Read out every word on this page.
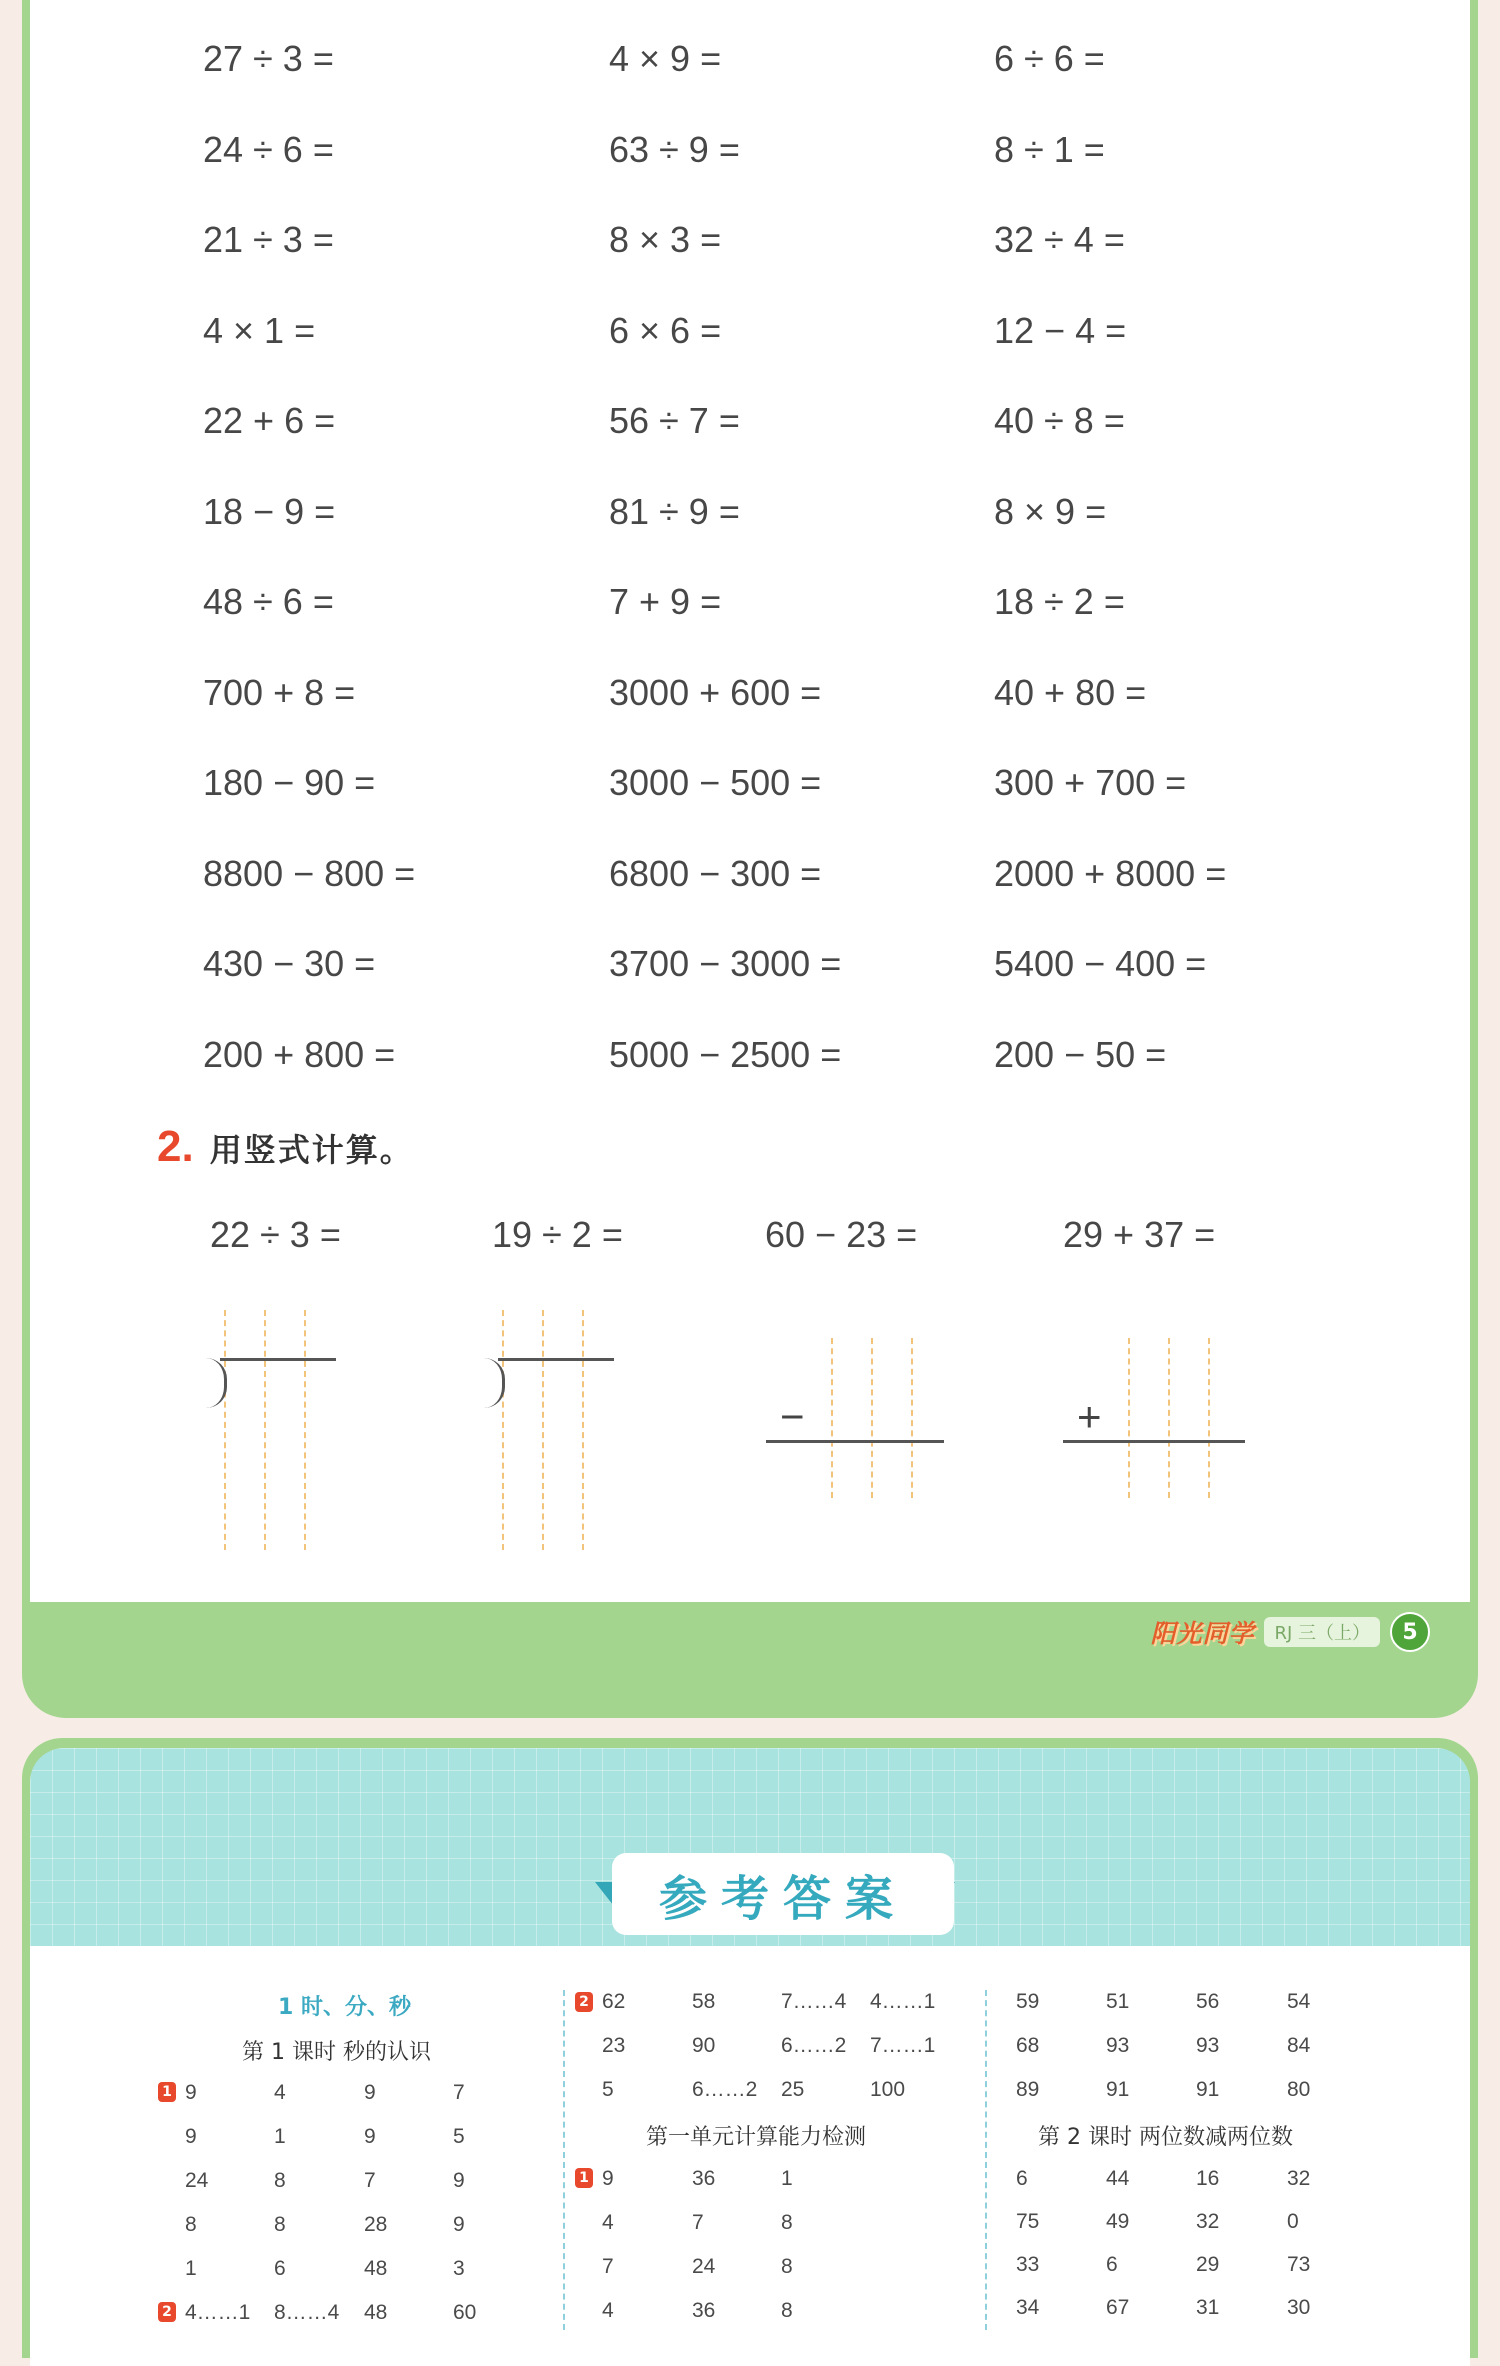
27 ÷ 3 =	4 × 9 =	6 ÷ 6 =
24 ÷ 6 =	63 ÷ 9 =	8 ÷ 1 =
21 ÷ 3 =	8 × 3 =	32 ÷ 4 =
4 × 1 =	6 × 6 =	12 − 4 =
22 + 6 =	56 ÷ 7 =	40 ÷ 8 =
18 − 9 =	81 ÷ 9 =	8 × 9 =
48 ÷ 6 =	7 + 9 =	18 ÷ 2 =
700 + 8 =	3000 + 600 =	40 + 80 =
180 − 90 =	3000 − 500 =	300 + 700 =
8800 − 800 =	6800 − 300 =	2000 + 8000 =
430 − 30 =	3700 − 3000 =	5400 − 400 =
200 + 800 =	5000 − 2500 =	200 − 50 =
2. 用竖式计算。
22 ÷ 3 =	19 ÷ 2 =	60 − 23 =	29 + 37 =
−	+
阳光同学	RJ 三（上）	5
参考答案
1 时、分、秒
第 1 课时 秒的认识
1
2
9	4	9	7
9	1	9	5
24	8	7	9
8	8	28	9
1	6	48	3
4……1 8……4 48	60
2
第一单元计算能力检测
1
62	58	7……4 4……1
23	90	6……2 7……1
5	6……2 25	100
9	36	1
4	7	8
7	24	8
4	36	8
第 2 课时 两位数减两位数
59	51	56	54
68	93	93	84
89	91	91	80
6	44	16	32
75	49	32	0
33	6	29	73
34	67	31	30
